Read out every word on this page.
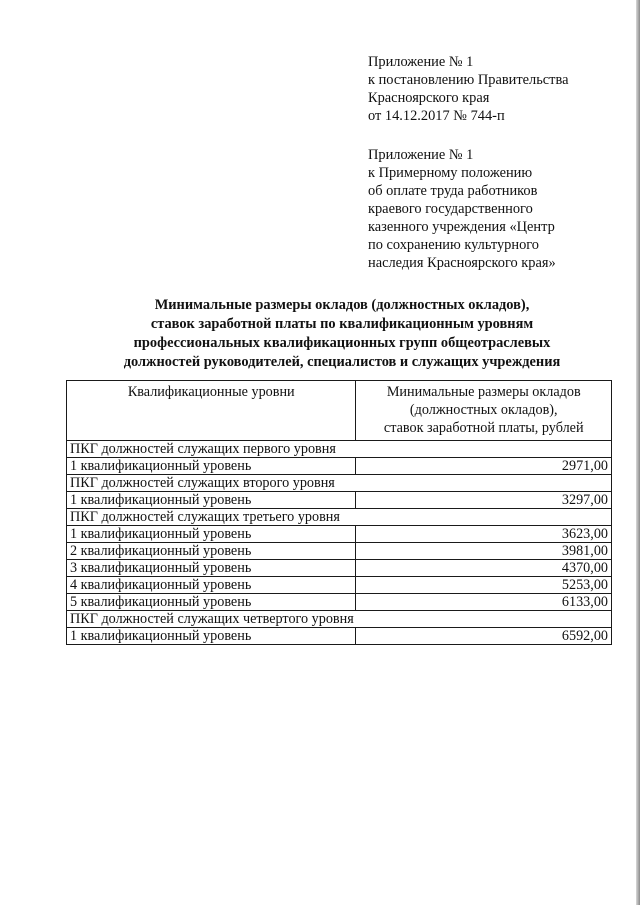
Приложение № 1
к постановлению Правительства
Красноярского края
от 14.12.2017 № 744-п
Приложение № 1
к Примерному положению
об оплате труда работников
краевого государственного
казенного учреждения «Центр
по сохранению культурного
наследия Красноярского края»
Минимальные размеры окладов (должностных окладов),
ставок заработной платы по квалификационным уровням
профессиональных квалификационных групп общеотраслевых
должностей руководителей, специалистов и служащих учреждения
Квалификационные уровни	Минимальные размеры окладов
(должностных окладов),
ставок заработной платы, рублей

ПКГ должностей служащих первого уровня	
1 квалификационный уровень	2971,00
ПКГ должностей служащих второго уровня	
1 квалификационный уровень	3297,00
ПКГ должностей служащих третьего уровня	
1 квалификационный уровень	3623,00
2 квалификационный уровень	3981,00
3 квалификационный уровень	4370,00
4 квалификационный уровень	5253,00
5 квалификационный уровень	6133,00
ПКГ должностей служащих четвертого уровня	
1 квалификационный уровень	6592,00
